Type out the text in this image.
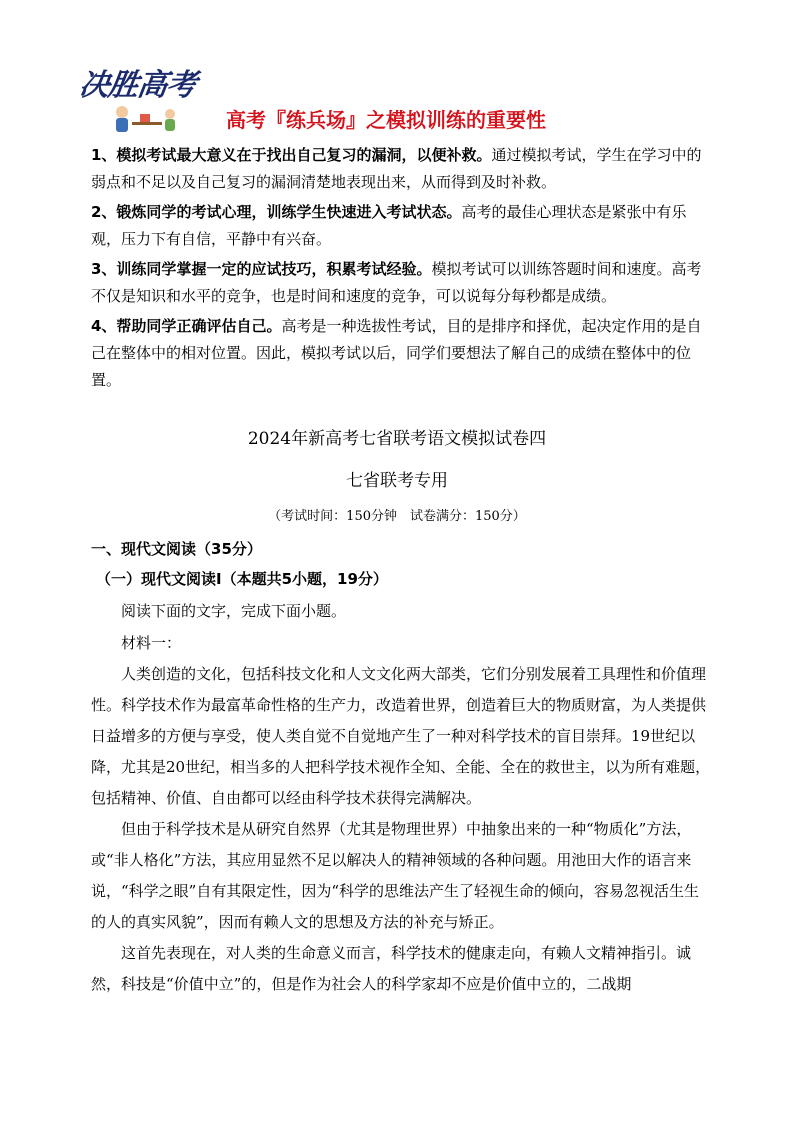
决胜高考
高考『练兵场』之模拟训练的重要性

1、模拟考试最大意义在于找出自己复习的漏洞，以便补救。通过模拟考试，学生在学习中的弱点和不足以及自己复习的漏洞清楚地表现出来，从而得到及时补救。

2、锻炼同学的考试心理，训练学生快速进入考试状态。高考的最佳心理状态是紧张中有乐观，压力下有自信，平静中有兴奋。

3、训练同学掌握一定的应试技巧，积累考试经验。模拟考试可以训练答题时间和速度。高考不仅是知识和水平的竞争，也是时间和速度的竞争，可以说每分每秒都是成绩。

4、帮助同学正确评估自己。高考是一种选拔性考试，目的是排序和择优，起决定作用的是自己在整体中的相对位置。因此，模拟考试以后，同学们要想法了解自己的成绩在整体中的位置。

2024年新高考七省联考语文模拟试卷四
七省联考专用
（考试时间：150分钟　试卷满分：150分）
一、现代文阅读（35分）
（一）现代文阅读Ⅰ（本题共5小题，19分）
阅读下面的文字，完成下面小题。
材料一：

人类创造的文化，包括科技文化和人文文化两大部类，它们分别发展着工具理性和价值理性。科学技术作为最富革命性格的生产力，改造着世界，创造着巨大的物质财富，为人类提供日益增多的方便与享受，使人类自觉不自觉地产生了一种对科学技术的盲目崇拜。19世纪以降，尤其是20世纪，相当多的人把科学技术视作全知、全能、全在的救世主，以为所有难题，包括精神、价值、自由都可以经由科学技术获得完满解决。

但由于科学技术是从研究自然界（尤其是物理世界）中抽象出来的一种“物质化”方法，或“非人格化”方法，其应用显然不足以解决人的精神领域的各种问题。用池田大作的语言来说，“科学之眼”自有其限定性，因为“科学的思维法产生了轻视生命的倾向，容易忽视活生生的人的真实风貌”，因而有赖人文的思想及方法的补充与矫正。

这首先表现在，对人类的生命意义而言，科学技术的健康走向，有赖人文精神指引。诚然，科技是“价值中立”的，但是作为社会人的科学家却不应是价值中立的，二战期
